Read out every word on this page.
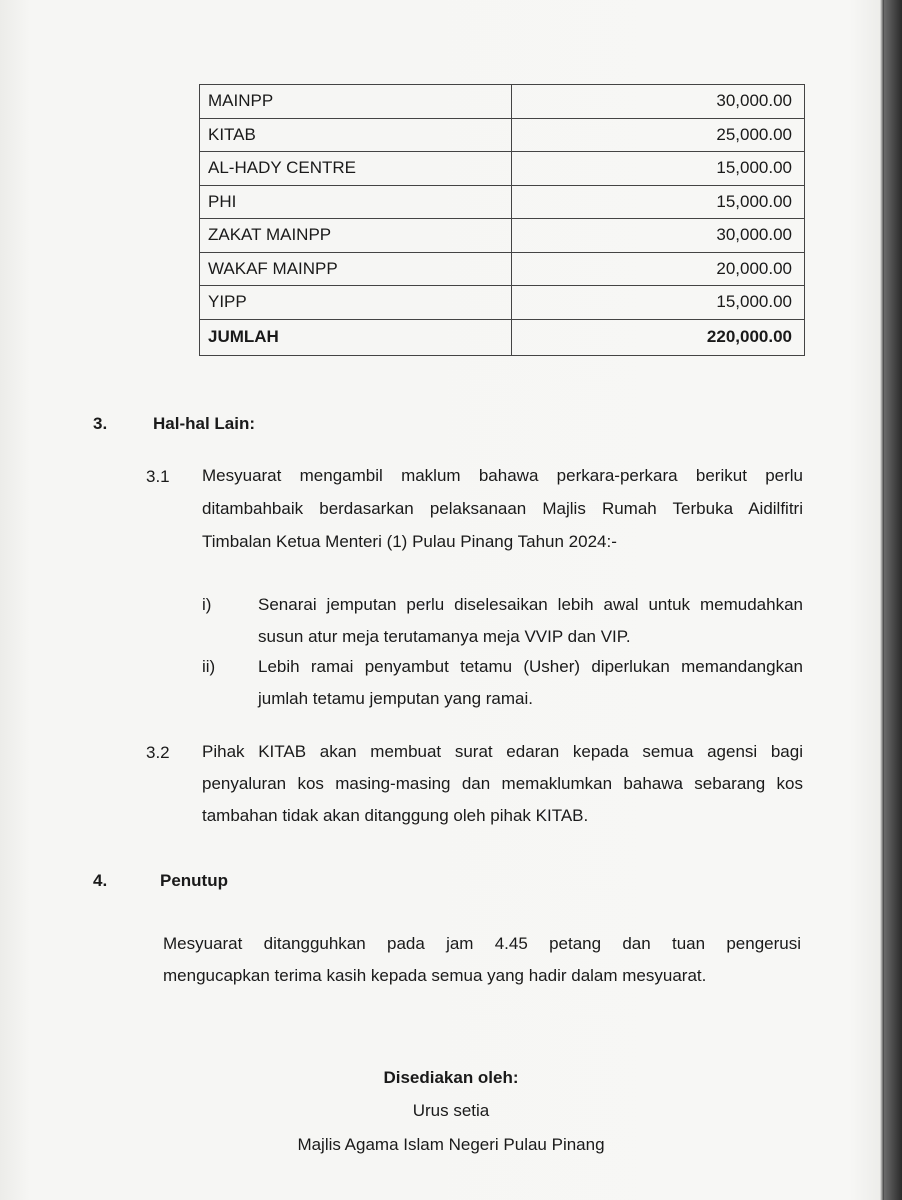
MAINPP	30,000.00
KITAB	25,000.00
AL-HADY CENTRE	15,000.00
PHI	15,000.00
ZAKAT MAINPP	30,000.00
WAKAF MAINPP	20,000.00
YIPP	15,000.00
JUMLAH	220,000.00
3.	Hal-hal Lain:
3.1 Mesyuarat mengambil maklum bahawa perkara-perkara berikut perlu
ditambahbaik berdasarkan pelaksanaan Majlis Rumah Terbuka Aidilfitri
Timbalan Ketua Menteri (1) Pulau Pinang Tahun 2024:-
i)	Senarai jemputan perlu diselesaikan lebih awal untuk memudahkan
susun atur meja terutamanya meja VVIP dan VIP.
ii)	Lebih ramai penyambut tetamu (Usher) diperlukan memandangkan
jumlah tetamu jemputan yang ramai.
3.2 Pihak KITAB akan membuat surat edaran kepada semua agensi bagi
penyaluran kos masing-masing dan memaklumkan bahawa sebarang kos
tambahan tidak akan ditanggung oleh pihak KITAB.
4.	Penutup
Mesyuarat ditangguhkan pada jam 4.45 petang dan tuan pengerusi
mengucapkan terima kasih kepada semua yang hadir dalam mesyuarat.
Disediakan oleh:
Urus setia
Majlis Agama Islam Negeri Pulau Pinang
